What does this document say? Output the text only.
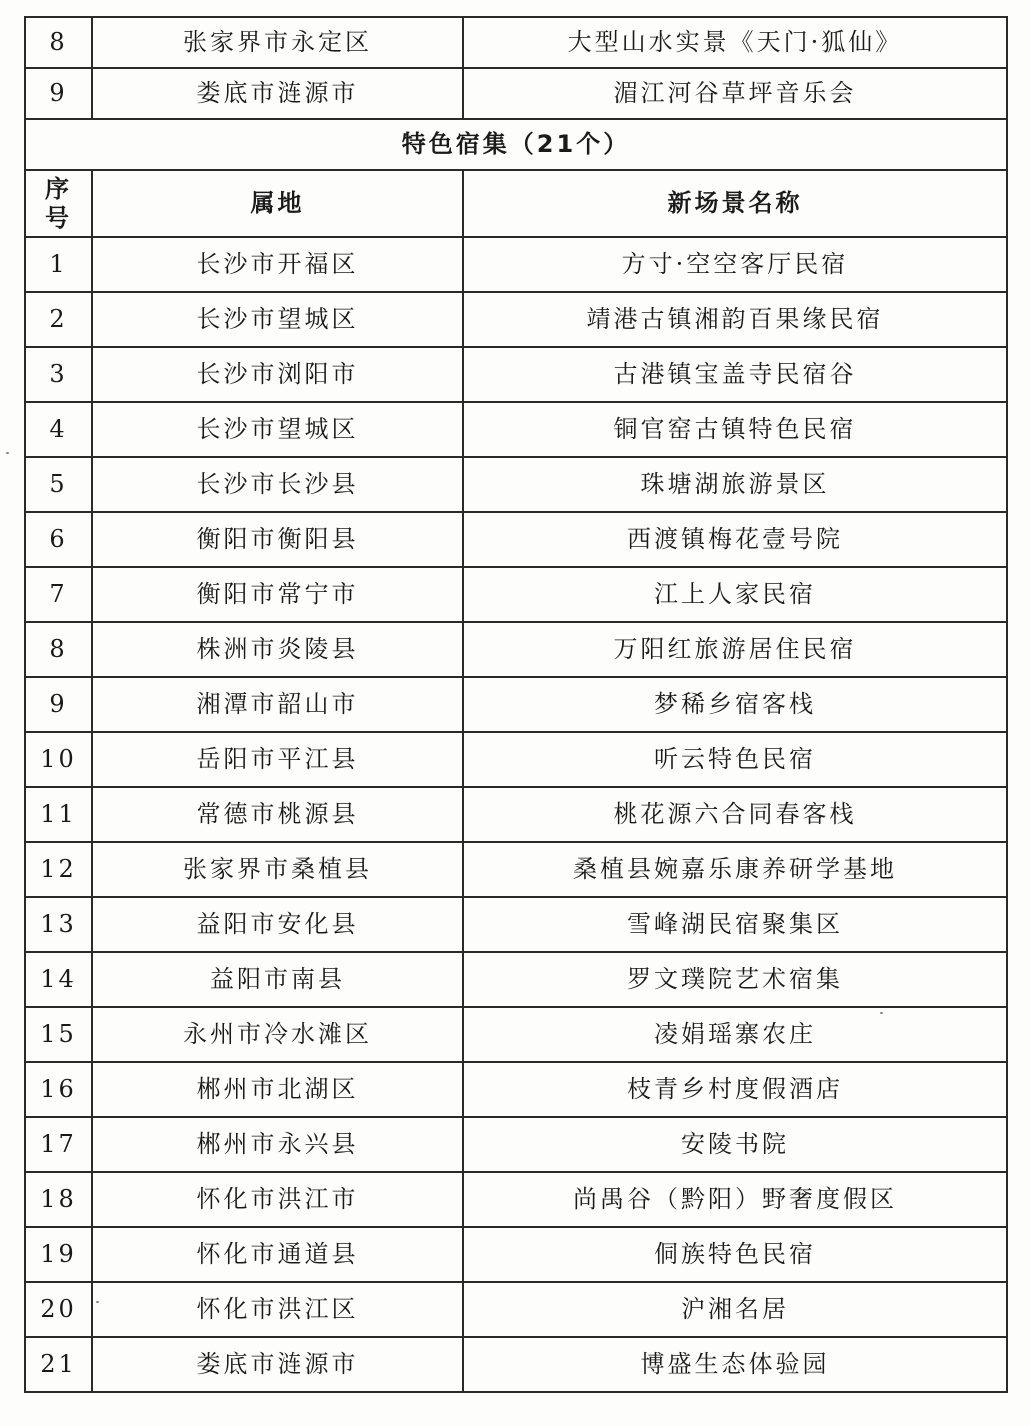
8	张家界市永定区	大型山水实景《天门·狐仙》
9	娄底市涟源市	湄江河谷草坪音乐会
特色宿集（21个）		

序
号	属地	新场景名称
1	长沙市开福区	方寸·空空客厅民宿
2	长沙市望城区	靖港古镇湘韵百果缘民宿
3	长沙市浏阳市	古港镇宝盖寺民宿谷
4	长沙市望城区	铜官窑古镇特色民宿
5	长沙市长沙县	珠塘湖旅游景区
6	衡阳市衡阳县	西渡镇梅花壹号院
7	衡阳市常宁市	江上人家民宿
8	株洲市炎陵县	万阳红旅游居住民宿
9	湘潭市韶山市	梦稀乡宿客栈
10	岳阳市平江县	听云特色民宿
11	常德市桃源县	桃花源六合同春客栈
12	张家界市桑植县	桑植县婉嘉乐康养研学基地
13	益阳市安化县	雪峰湖民宿聚集区
14	益阳市南县	罗文璞院艺术宿集
15	永州市冷水滩区	凌娟瑶寨农庄
16	郴州市北湖区	枝青乡村度假酒店
17	郴州市永兴县	安陵书院
18	怀化市洪江市	尚禺谷（黔阳）野奢度假区
19	怀化市通道县	侗族特色民宿
20	怀化市洪江区	沪湘名居
21	娄底市涟源市	博盛生态体验园
